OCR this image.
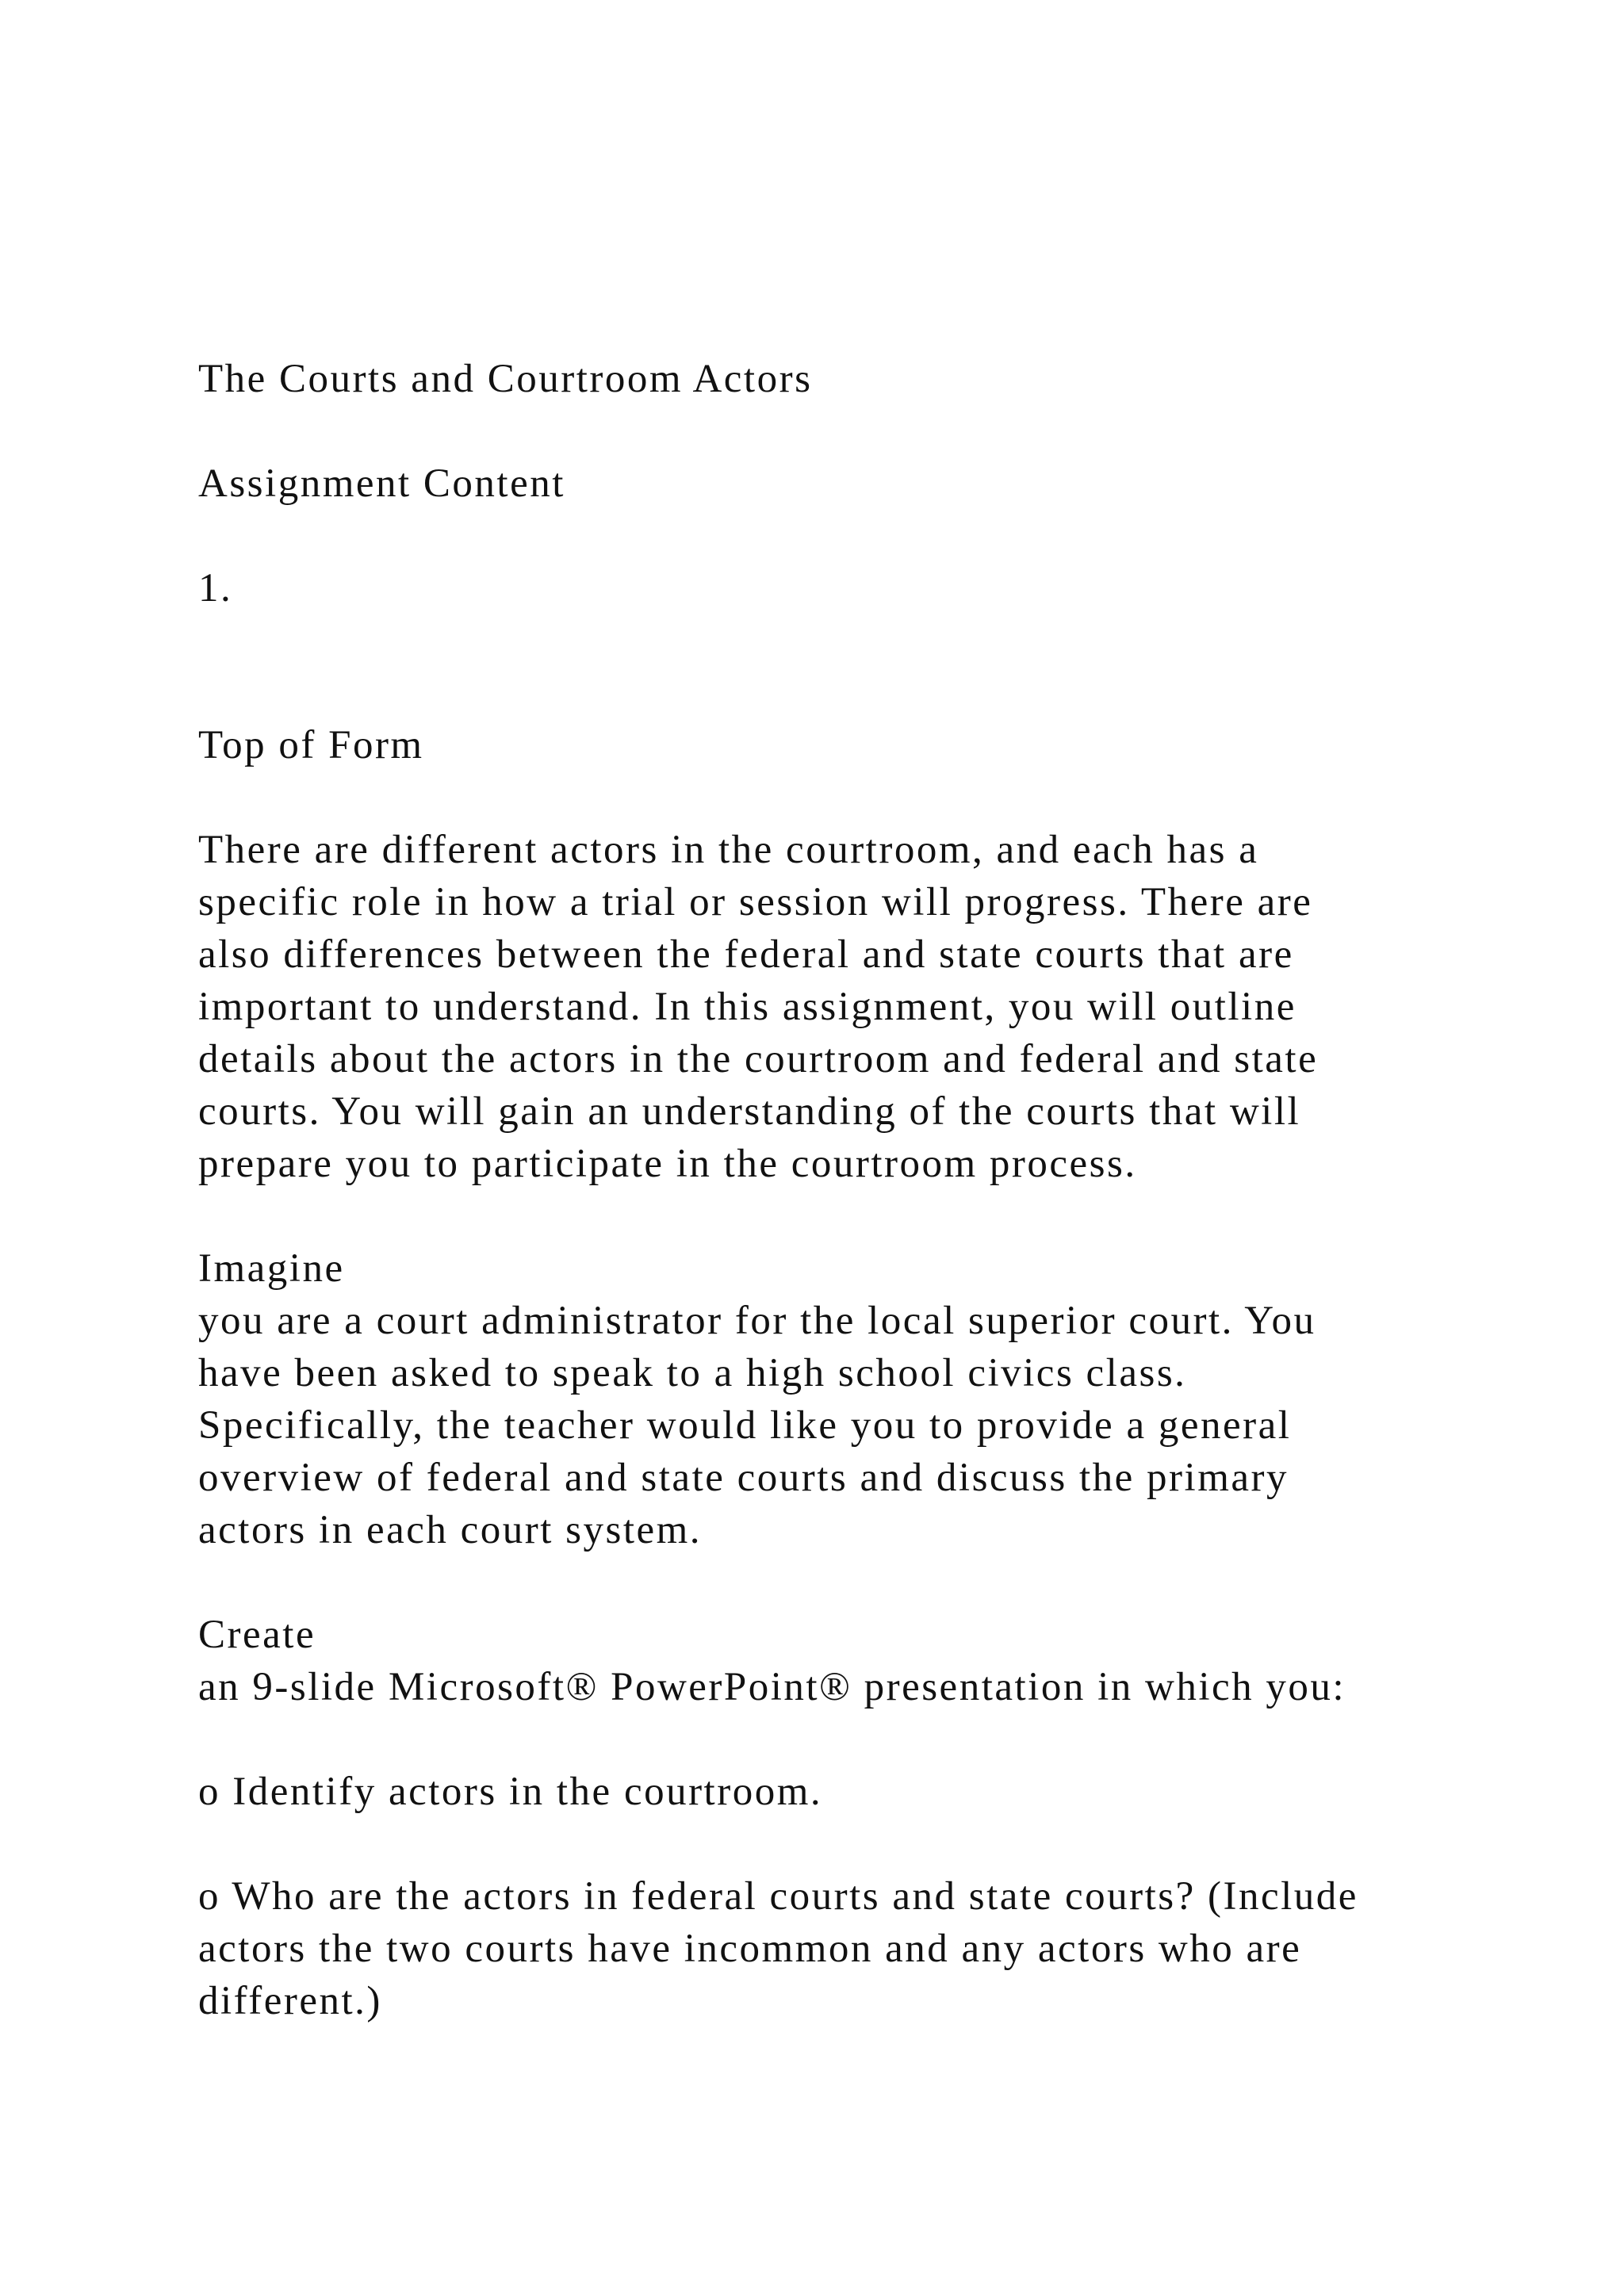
The Courts and Courtroom Actors

Assignment Content

1.

Top of Form

There are different actors in the courtroom, and each has a
specific role in how a trial or session will progress. There are
also differences between the federal and state courts that are
important to understand. In this assignment, you will outline
details about the actors in the courtroom and federal and state
courts. You will gain an understanding of the courts that will
prepare you to participate in the courtroom process.

Imagine
you are a court administrator for the local superior court. You
have been asked to speak to a high school civics class.
Specifically, the teacher would like you to provide a general
overview of federal and state courts and discuss the primary
actors in each court system.

Create
an 9-slide Microsoft® PowerPoint® presentation in which you:

o Identify actors in the courtroom.

o Who are the actors in federal courts and state courts? (Include
actors the two courts have incommon and any actors who are
different.)
